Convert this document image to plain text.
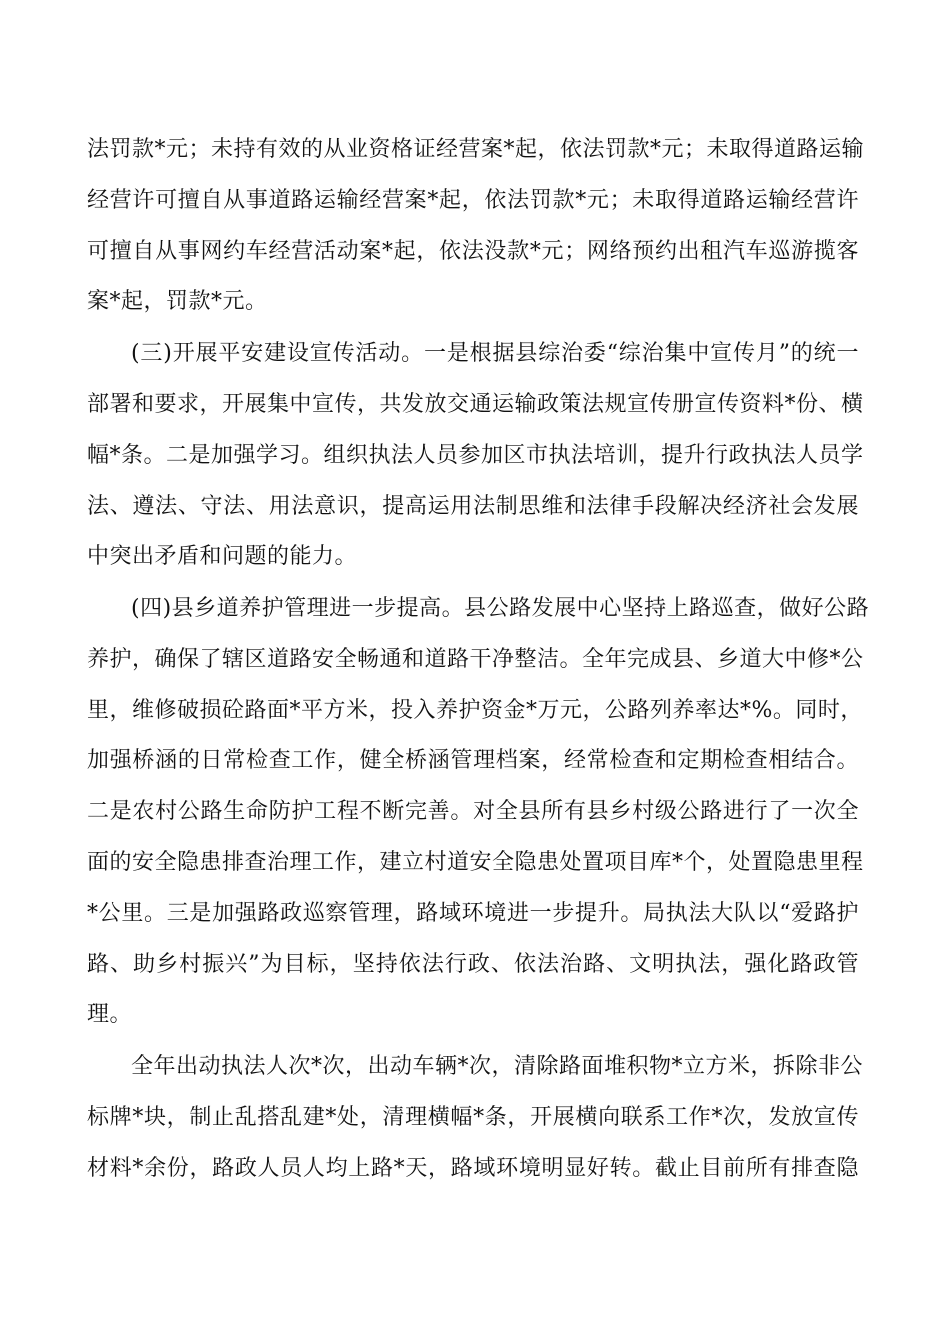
法罚款*元；未持有效的从业资格证经营案*起，依法罚款*元；未取得道路运输
经营许可擅自从事道路运输经营案*起，依法罚款*元；未取得道路运输经营许
可擅自从事网约车经营活动案*起，依法没款*元；网络预约出租汽车巡游揽客
案*起，罚款*元。
(三)开展平安建设宣传活动。一是根据县综治委“综治集中宣传月”的统一
部署和要求，开展集中宣传，共发放交通运输政策法规宣传册宣传资料*份、横
幅*条。二是加强学习。组织执法人员参加区市执法培训，提升行政执法人员学
法、遵法、守法、用法意识，提高运用法制思维和法律手段解决经济社会发展
中突出矛盾和问题的能力。
(四)县乡道养护管理进一步提高。县公路发展中心坚持上路巡查，做好公路
养护，确保了辖区道路安全畅通和道路干净整洁。全年完成县、乡道大中修*公
里，维修破损砼路面*平方米，投入养护资金*万元，公路列养率达*%。同时，
加强桥涵的日常检查工作，健全桥涵管理档案，经常检查和定期检查相结合。
二是农村公路生命防护工程不断完善。对全县所有县乡村级公路进行了一次全
面的安全隐患排查治理工作，建立村道安全隐患处置项目库*个，处置隐患里程
*公里。三是加强路政巡察管理，路域环境进一步提升。局执法大队以“爱路护
路、助乡村振兴”为目标，坚持依法行政、依法治路、文明执法，强化路政管
理。
全年出动执法人次*次，出动车辆*次，清除路面堆积物*立方米，拆除非公
标牌*块，制止乱搭乱建*处，清理横幅*条，开展横向联系工作*次，发放宣传
材料*余份，路政人员人均上路*天，路域环境明显好转。截止目前所有排查隐
